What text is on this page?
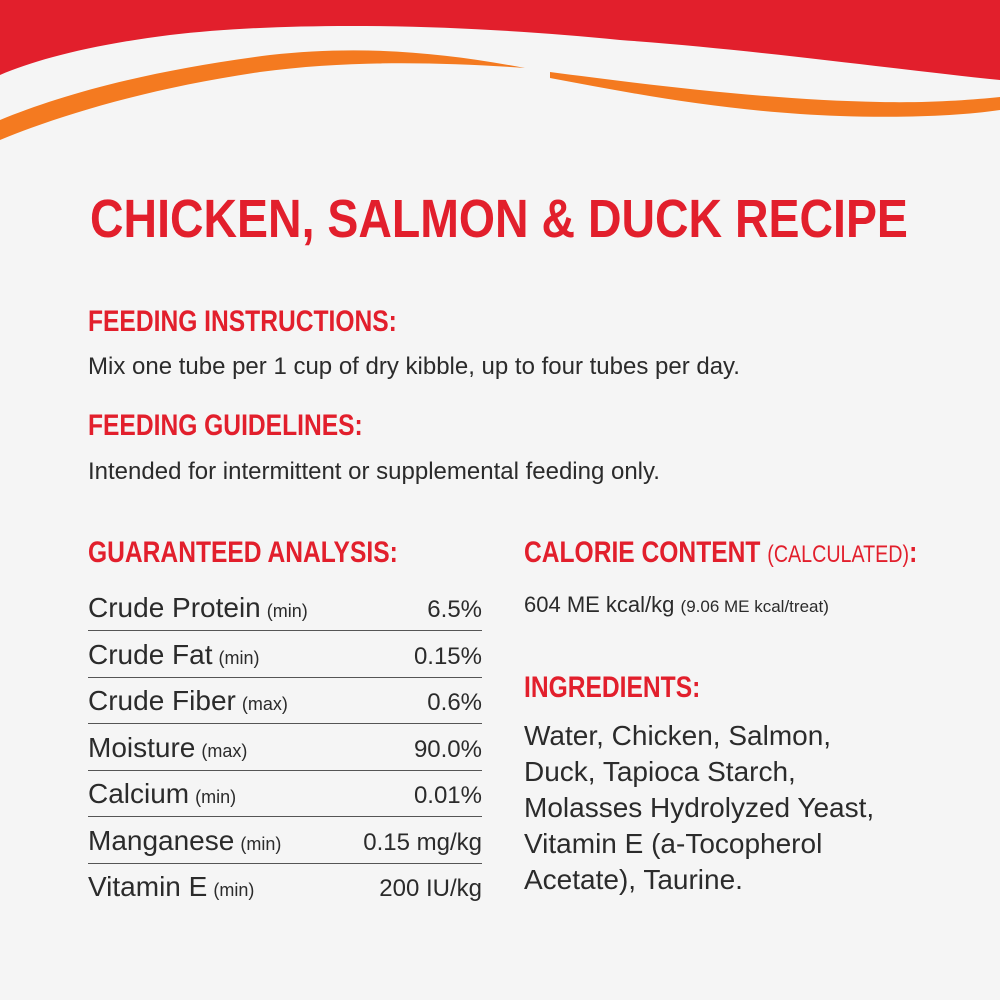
CHICKEN, SALMON & DUCK RECIPE
FEEDING INSTRUCTIONS:

Mix one tube per 1 cup of dry kibble, up to four tubes per day.

FEEDING GUIDELINES:

Intended for intermittent or supplemental feeding only.

GUARANTEED ANALYSIS:
Crude Protein (min)	6.5%
Crude Fat (min)	0.15%
Crude Fiber (max)	0.6%
Moisture (max)	90.0%
Calcium (min)	0.01%
Manganese (min)	0.15 mg/kg
Vitamin E (min)	200 IU/kg
CALORIE CONTENT (CALCULATED):

604 ME kcal/kg (9.06 ME kcal/treat)

INGREDIENTS:

Water, Chicken, Salmon, Duck, Tapioca Starch, Molasses Hydrolyzed Yeast, Vitamin E (a-Tocopherol Acetate), Taurine.
